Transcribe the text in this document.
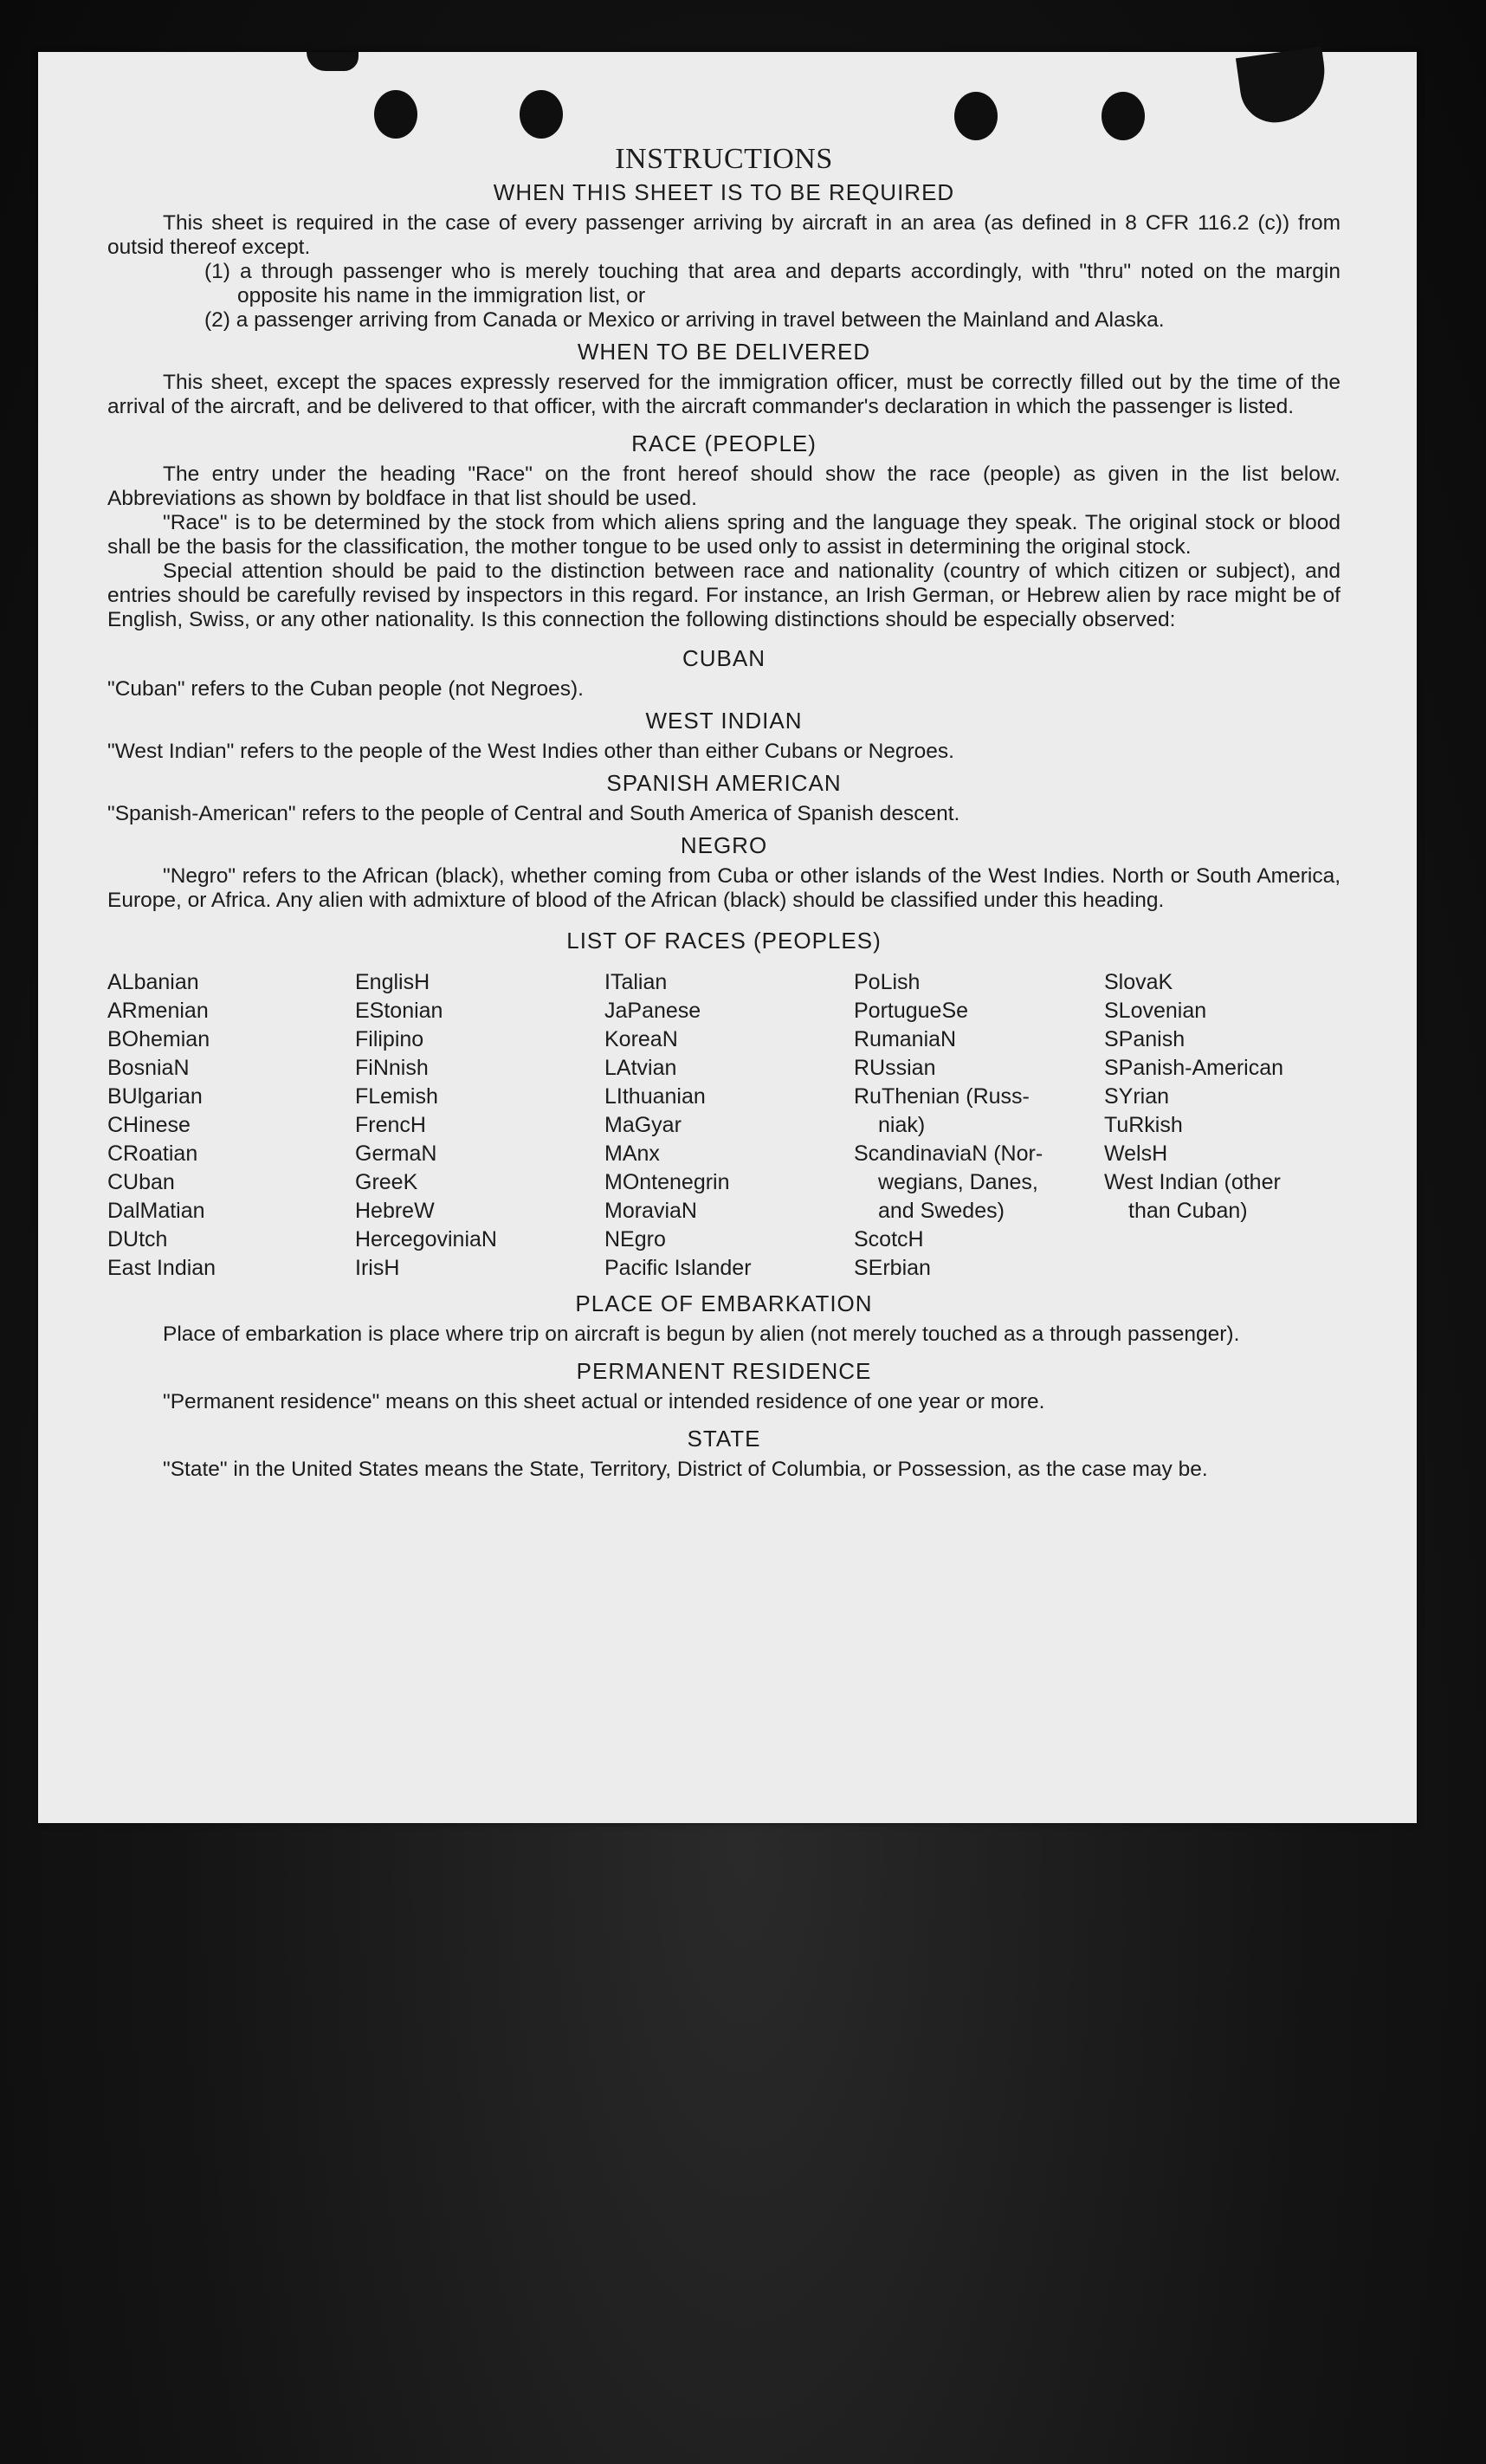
INSTRUCTIONS
WHEN THIS SHEET IS TO BE REQUIRED

This sheet is required in the case of every passenger arriving by aircraft in an area (as defined in 8 CFR 116.2 (c)) from outsid thereof except.

(1) a through passenger who is merely touching that area and departs accordingly, with "thru" noted on the margin opposite his name in the immigration list, or

(2) a passenger arriving from Canada or Mexico or arriving in travel between the Mainland and Alaska.

WHEN TO BE DELIVERED

This sheet, except the spaces expressly reserved for the immigration officer, must be correctly filled out by the time of the arrival of the aircraft, and be delivered to that officer, with the aircraft commander's declaration in which the passenger is listed.

RACE (PEOPLE)

The entry under the heading "Race" on the front hereof should show the race (people) as given in the list below. Abbreviations as shown by boldface in that list should be used.

"Race" is to be determined by the stock from which aliens spring and the language they speak. The original stock or blood shall be the basis for the classification, the mother tongue to be used only to assist in determining the original stock.

Special attention should be paid to the distinction between race and nationality (country of which citizen or subject), and entries should be carefully revised by inspectors in this regard. For instance, an Irish German, or Hebrew alien by race might be of English, Swiss, or any other nationality. Is this connection the following distinctions should be especially observed:

CUBAN

"Cuban" refers to the Cuban people (not Negroes).

WEST INDIAN

"West Indian" refers to the people of the West Indies other than either Cubans or Negroes.

SPANISH AMERICAN

"Spanish-American" refers to the people of Central and South America of Spanish descent.

NEGRO

"Negro" refers to the African (black), whether coming from Cuba or other islands of the West Indies. North or South America, Europe, or Africa. Any alien with admixture of blood of the African (black) should be classified under this heading.

LIST OF RACES (PEOPLES)
ALbanian
ARmenian
BOhemian
BosniaN
BUlgarian
CHinese
CRoatian
CUban
DalMatian
DUtch
East Indian
EnglisH
EStonian
Filipino
FiNnish
FLemish
FrencH
GermaN
GreeK
HebreW
HercegoviniaN
IrisH
ITalian
JaPanese
KoreaN
LAtvian
LIthuanian
MaGyar
MAnx
MOntenegrin
MoraviaN
NEgro
Pacific Islander
PoLish
PortugueSe
RumaniaN
RUssian
RuThenian (Russ-
niak)
ScandinaviaN (Nor-
wegians, Danes,
and Swedes)
ScotcH
SErbian
SlovaK
SLovenian
SPanish
SPanish-American
SYrian
TuRkish
WelsH
West Indian (other
than Cuban)
PLACE OF EMBARKATION

Place of embarkation is place where trip on aircraft is begun by alien (not merely touched as a through passenger).

PERMANENT RESIDENCE

"Permanent residence" means on this sheet actual or intended residence of one year or more.

STATE

"State" in the United States means the State, Territory, District of Columbia, or Possession, as the case may be.
